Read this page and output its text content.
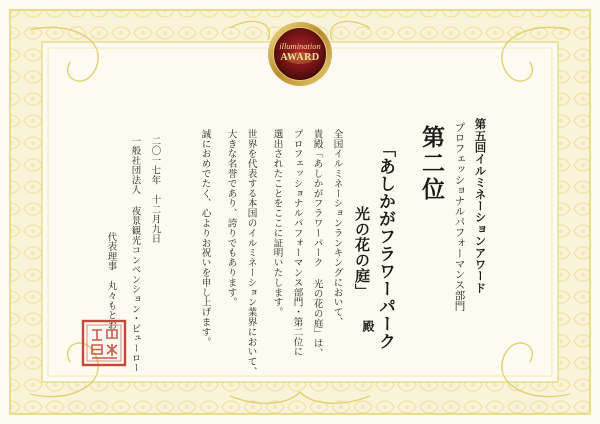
illumination
AWARD
第五回イルミネーションアワード
プロフェッショナルパフォーマンス部門
第二位
「あしかがフラワーパーク
光の花の庭」
殿
全国イルミネーションランキングにおいて、
貴殿「あしかがフラワーパーク 光の花の庭」は、
プロフェッショナルパフォーマンス部門・第二位に
選出されたことをここに証明いたします。
世界を代表する本国のイルミネーション業界において、
大きな名誉であり、誇りでもあります。
誠におめでたく、心よりお祝いを申し上げます。
二〇一七年　十二月九日
一般社団法人 夜景観光コンベンション・ビューロー
代表理事　丸々もとお
